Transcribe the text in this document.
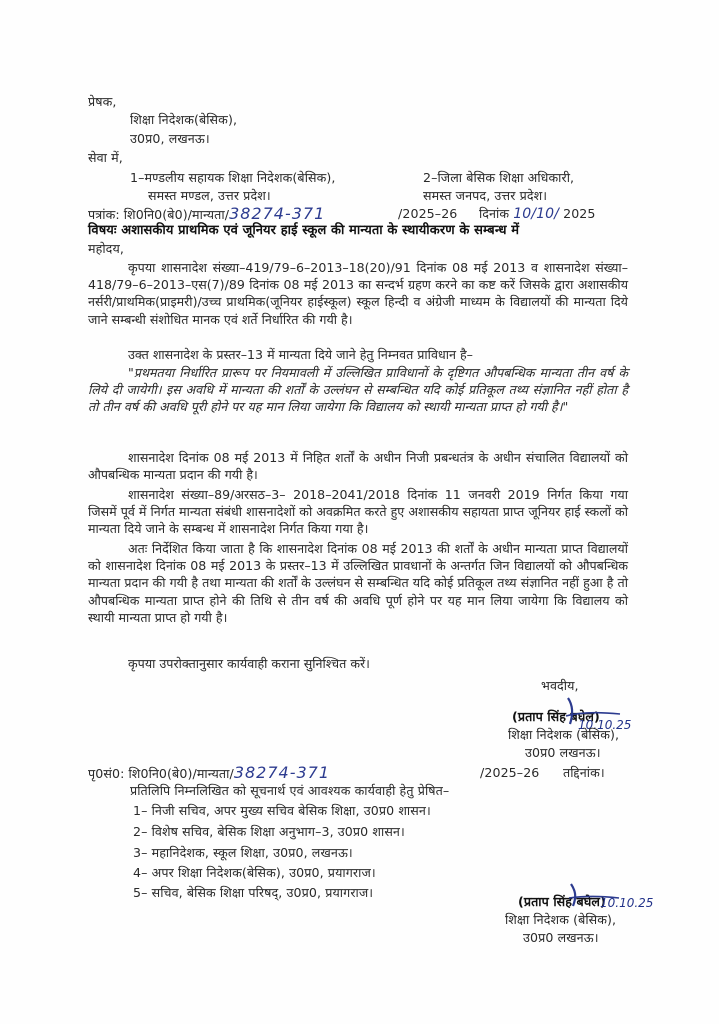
प्रेषक,
शिक्षा निदेशक(बेसिक),
उ0प्र0, लखनऊ।
सेवा में,
1–मण्डलीय सहायक शिक्षा निदेशक(बेसिक),
समस्त मण्डल, उत्तर प्रदेश।
2–जिला बेसिक शिक्षा अधिकारी,
समस्त जनपद, उत्तर प्रदेश।
पत्रांक: शि0नि0(बे0)/मान्यता/38274-371	/2025–26 दिनांक 10/10/ 2025
विषयः अशासकीय प्राथमिक एवं जूनियर हाई स्कूल की मान्यता के स्थायीकरण के सम्बन्ध में
महोदय,
कृपया शासनादेश संख्या–419/79–6–2013–18(20)/91 दिनांक 08 मई 2013 व शासनादेश संख्या–418/79–6–2013–एस(7)/89 दिनांक 08 मई 2013 का सन्दर्भ ग्रहण करने का कष्ट करें जिसके द्वारा अशासकीय नर्सरी/प्राथमिक(प्राइमरी)/उच्च प्राथमिक(जूनियर हाईस्कूल) स्कूल हिन्दी व अंग्रेजी माध्यम के विद्यालयों की मान्यता दिये जाने सम्बन्धी संशोधित मानक एवं शर्ते निर्धारित की गयी है।
उक्त शासनादेश के प्रस्तर–13 में मान्यता दिये जाने हेतु निम्नवत प्राविधान है–
"प्रथमतया निर्धारित प्रारूप पर नियमावली में उल्लिखित प्राविधानों के दृष्टिगत औपबन्धिक मान्यता तीन वर्ष के लिये दी जायेगी। इस अवधि में मान्यता की शर्तों के उल्लंघन से सम्बन्धित यदि कोई प्रतिकूल तथ्य संज्ञानित नहीं होता है तो तीन वर्ष की अवधि पूरी होने पर यह मान लिया जायेगा कि विद्यालय को स्थायी मान्यता प्राप्त हो गयी है।"
शासनादेश दिनांक 08 मई 2013 में निहित शर्तों के अधीन निजी प्रबन्धतंत्र के अधीन संचालित विद्यालयों को औपबन्धिक मान्यता प्रदान की गयी है।
शासनादेश संख्या–89/अरसठ–3– 2018–2041/2018 दिनांक 11 जनवरी 2019 निर्गत किया गया जिसमें पूर्व में निर्गत मान्यता संबंधी शासनादेशों को अवक्रमित करते हुए अशासकीय सहायता प्राप्त जूनियर हाई स्कलों को मान्यता दिये जाने के सम्बन्ध में शासनादेश निर्गत किया गया है।
अतः निर्देशित किया जाता है कि शासनादेश दिनांक 08 मई 2013 की शर्तों के अधीन मान्यता प्राप्त विद्यालयों को शासनादेश दिनांक 08 मई 2013 के प्रस्तर–13 में उल्लिखित प्रावधानों के अन्तर्गत जिन विद्यालयों को औपबन्धिक मान्यता प्रदान की गयी है तथा मान्यता की शर्तों के उल्लंघन से सम्बन्धित यदि कोई प्रतिकूल तथ्य संज्ञानित नहीं हुआ है तो औपबन्धिक मान्यता प्राप्त होने की तिथि से तीन वर्ष की अवधि पूर्ण होने पर यह मान लिया जायेगा कि विद्यालय को स्थायी मान्यता प्राप्त हो गयी है।
कृपया उपरोक्तानुसार कार्यवाही कराना सुनिश्चित करें।
भवदीय,
(प्रताप सिंह बघेल)
10.10.25
शिक्षा निदेशक (बेसिक),
उ0प्र0 लखनऊ।
पृ0सं0: शि0नि0(बे0)/मान्यता/38274-371	/2025–26 तद्दिनांक।
प्रतिलिपि निम्नलिखित को सूचनार्थ एवं आवश्यक कार्यवाही हेतु प्रेषित–
1– निजी सचिव, अपर मुख्य सचिव बेसिक शिक्षा, उ0प्र0 शासन।
2– विशेष सचिव, बेसिक शिक्षा अनुभाग–3, उ0प्र0 शासन।
3– महानिदेशक, स्कूल शिक्षा, उ0प्र0, लखनऊ।
4– अपर शिक्षा निदेशक(बेसिक), उ0प्र0, प्रयागराज।
5– सचिव, बेसिक शिक्षा परिषद्, उ0प्र0, प्रयागराज।
(प्रताप सिंह बघेल)
10.10.25
शिक्षा निदेशक (बेसिक),
उ0प्र0 लखनऊ।
